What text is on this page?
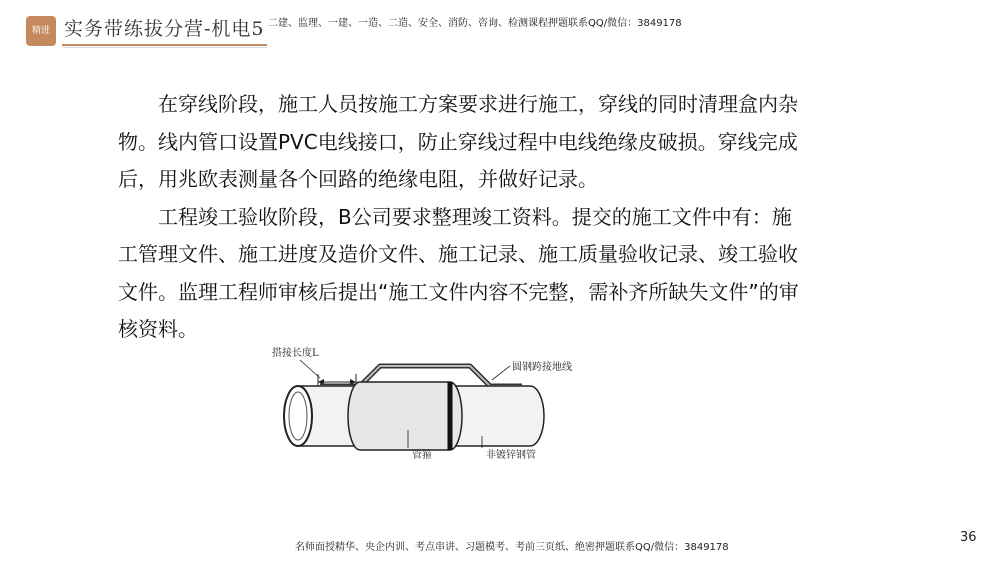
精进 实务带练拔分营-机电5 二建、监理、一建、一造、二造、安全、消防、咨询、检测课程押题联系QQ/微信：3849178

在穿线阶段，施工人员按施工方案要求进行施工，穿线的同时清理盒内杂物。线内管口设置PVC电线接口，防止穿线过程中电线绝缘皮破损。穿线完成后，用兆欧表测量各个回路的绝缘电阻，并做好记录。

工程竣工验收阶段，B公司要求整理竣工资料。提交的施工文件中有：施工管理文件、施工进度及造价文件、施工记录、施工质量验收记录、竣工验收文件。监理工程师审核后提出“施工文件内容不完整，需补齐所缺失文件”的审核资料。

搭接长度L
圆钢跨接地线
管箍	非镀锌钢管
36
名师面授精华、央企内训、考点串讲、习题模考、考前三页纸、绝密押题联系QQ/微信：3849178
